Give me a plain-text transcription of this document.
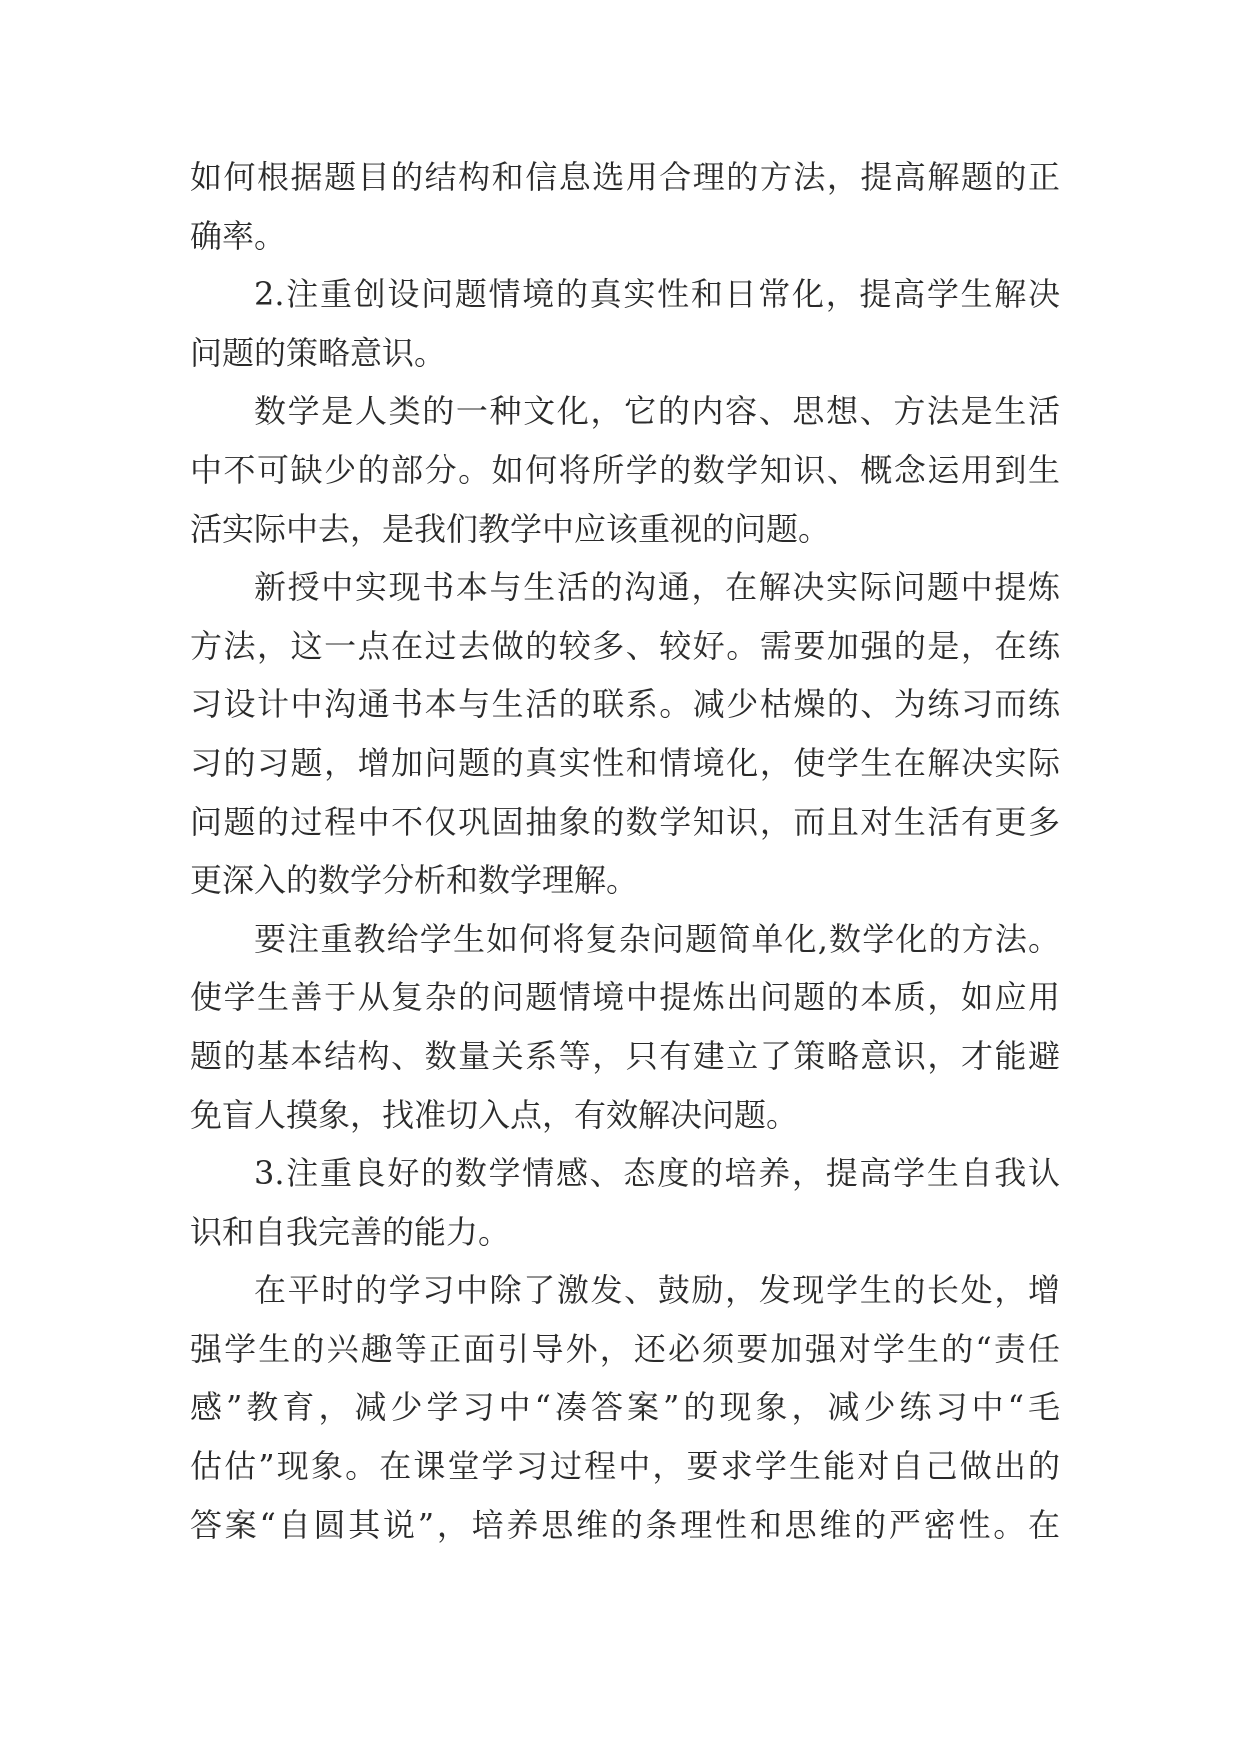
如何根据题目的结构和信息选用合理的方法，提高解题的正
确率。
2.注重创设问题情境的真实性和日常化，提高学生解决
问题的策略意识。
数学是人类的一种文化，它的内容、思想、方法是生活
中不可缺少的部分。如何将所学的数学知识、概念运用到生
活实际中去，是我们教学中应该重视的问题。
新授中实现书本与生活的沟通，在解决实际问题中提炼
方法，这一点在过去做的较多、较好。需要加强的是，在练
习设计中沟通书本与生活的联系。减少枯燥的、为练习而练
习的习题，增加问题的真实性和情境化，使学生在解决实际
问题的过程中不仅巩固抽象的数学知识，而且对生活有更多
更深入的数学分析和数学理解。
要注重教给学生如何将复杂问题简单化,数学化的方法。
使学生善于从复杂的问题情境中提炼出问题的本质，如应用
题的基本结构、数量关系等，只有建立了策略意识，才能避
免盲人摸象，找准切入点，有效解决问题。
3.注重良好的数学情感、态度的培养，提高学生自我认
识和自我完善的能力。
在平时的学习中除了激发、鼓励，发现学生的长处，增
强学生的兴趣等正面引导外，还必须要加强对学生的“责任
感”教育，减少学习中“凑答案”的现象，减少练习中“毛
估估”现象。在课堂学习过程中，要求学生能对自己做出的
答案“自圆其说”，培养思维的条理性和思维的严密性。在
